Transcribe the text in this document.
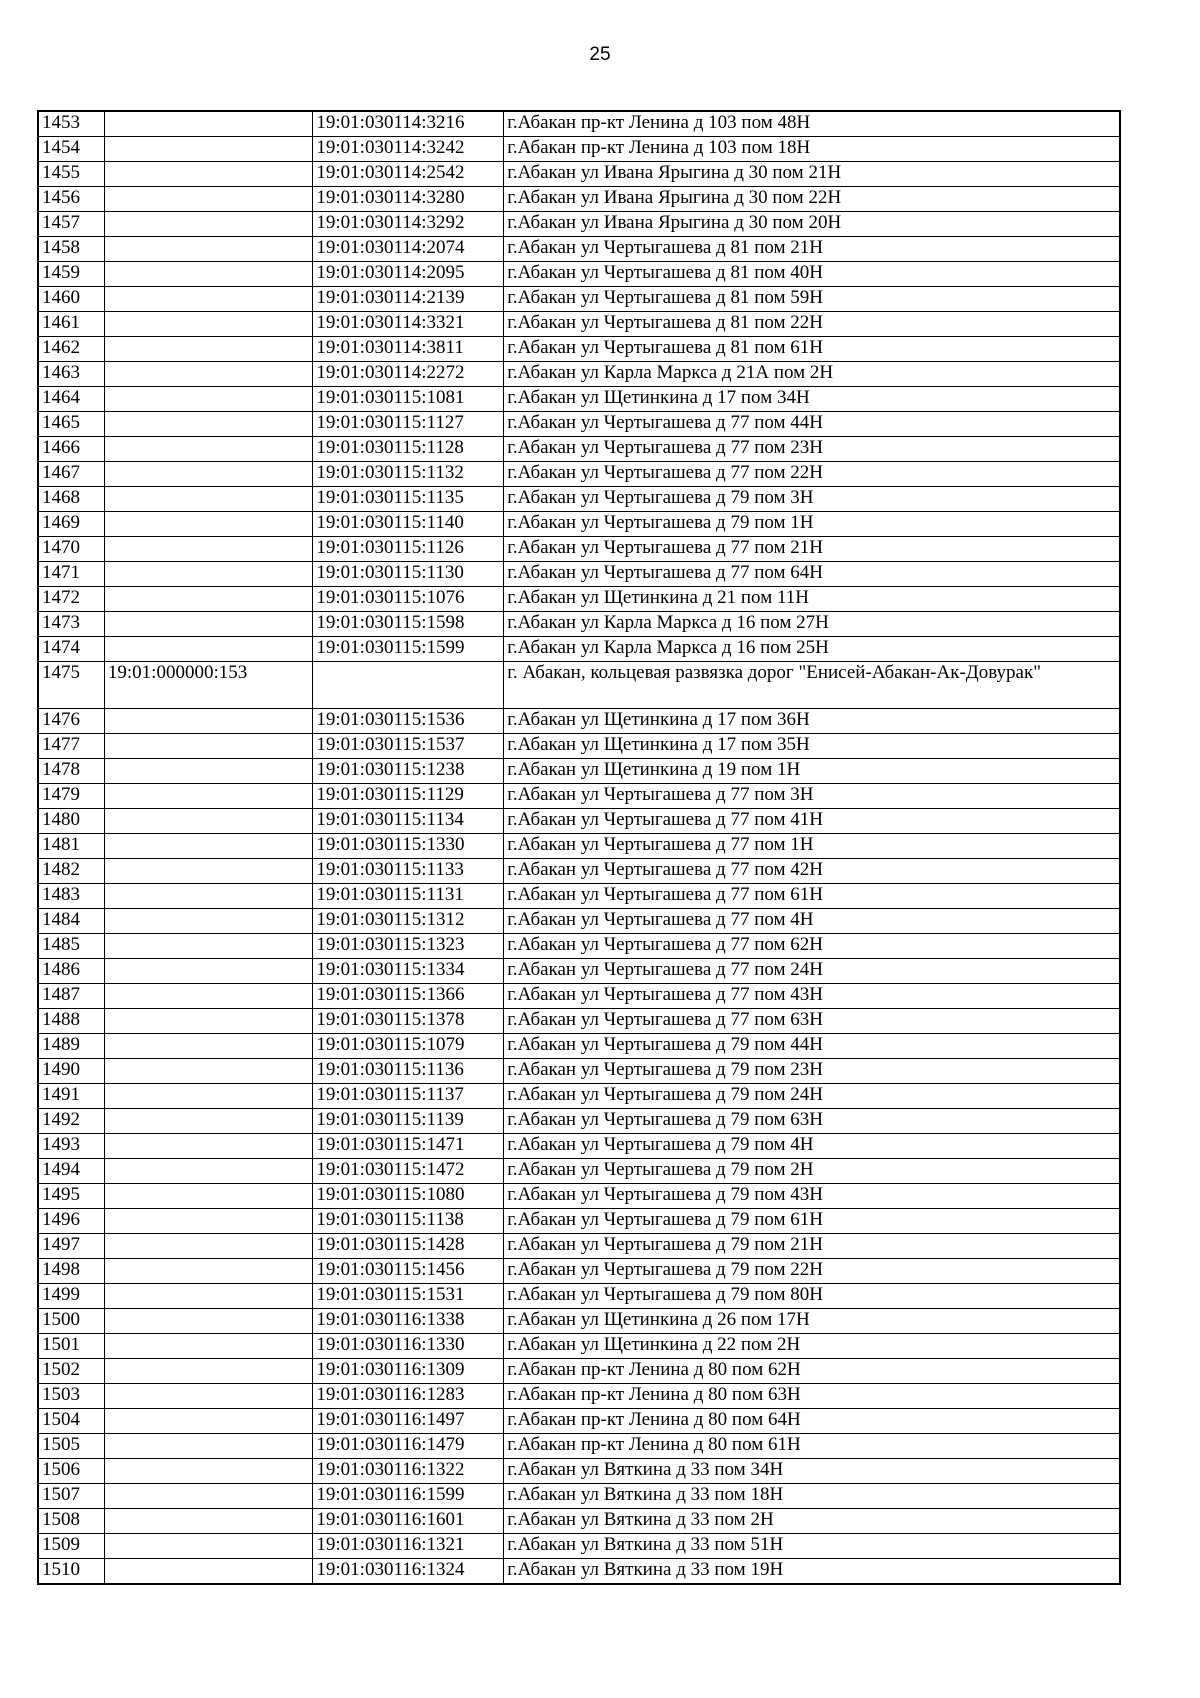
25
1453		19:01:030114:3216	г.Абакан пр-кт Ленина д 103 пом 48Н
1454		19:01:030114:3242	г.Абакан пр-кт Ленина д 103 пом 18Н
1455		19:01:030114:2542	г.Абакан ул Ивана Ярыгина д 30 пом 21Н
1456		19:01:030114:3280	г.Абакан ул Ивана Ярыгина д 30 пом 22Н
1457		19:01:030114:3292	г.Абакан ул Ивана Ярыгина д 30 пом 20Н
1458		19:01:030114:2074	г.Абакан ул Чертыгашева д 81 пом 21Н
1459		19:01:030114:2095	г.Абакан ул Чертыгашева д 81 пом 40Н
1460		19:01:030114:2139	г.Абакан ул Чертыгашева д 81 пом 59Н
1461		19:01:030114:3321	г.Абакан ул Чертыгашева д 81 пом 22Н
1462		19:01:030114:3811	г.Абакан ул Чертыгашева д 81 пом 61Н
1463		19:01:030114:2272	г.Абакан ул Карла Маркса д 21А пом 2Н
1464		19:01:030115:1081	г.Абакан ул Щетинкина д 17 пом 34Н
1465		19:01:030115:1127	г.Абакан ул Чертыгашева д 77 пом 44Н
1466		19:01:030115:1128	г.Абакан ул Чертыгашева д 77 пом 23Н
1467		19:01:030115:1132	г.Абакан ул Чертыгашева д 77 пом 22Н
1468		19:01:030115:1135	г.Абакан ул Чертыгашева д 79 пом 3Н
1469		19:01:030115:1140	г.Абакан ул Чертыгашева д 79 пом 1Н
1470		19:01:030115:1126	г.Абакан ул Чертыгашева д 77 пом 21Н
1471		19:01:030115:1130	г.Абакан ул Чертыгашева д 77 пом 64Н
1472		19:01:030115:1076	г.Абакан ул Щетинкина д 21 пом 11Н
1473		19:01:030115:1598	г.Абакан ул Карла Маркса д 16 пом 27Н
1474		19:01:030115:1599	г.Абакан ул Карла Маркса д 16 пом 25Н
1475	19:01:000000:153		г. Абакан, кольцевая развязка дорог "Енисей-Абакан-Ак-Довурак"
1476		19:01:030115:1536	г.Абакан ул Щетинкина д 17 пом 36Н
1477		19:01:030115:1537	г.Абакан ул Щетинкина д 17 пом 35Н
1478		19:01:030115:1238	г.Абакан ул Щетинкина д 19 пом 1Н
1479		19:01:030115:1129	г.Абакан ул Чертыгашева д 77 пом 3Н
1480		19:01:030115:1134	г.Абакан ул Чертыгашева д 77 пом 41Н
1481		19:01:030115:1330	г.Абакан ул Чертыгашева д 77 пом 1Н
1482		19:01:030115:1133	г.Абакан ул Чертыгашева д 77 пом 42Н
1483		19:01:030115:1131	г.Абакан ул Чертыгашева д 77 пом 61Н
1484		19:01:030115:1312	г.Абакан ул Чертыгашева д 77 пом 4Н
1485		19:01:030115:1323	г.Абакан ул Чертыгашева д 77 пом 62Н
1486		19:01:030115:1334	г.Абакан ул Чертыгашева д 77 пом 24Н
1487		19:01:030115:1366	г.Абакан ул Чертыгашева д 77 пом 43Н
1488		19:01:030115:1378	г.Абакан ул Чертыгашева д 77 пом 63Н
1489		19:01:030115:1079	г.Абакан ул Чертыгашева д 79 пом 44Н
1490		19:01:030115:1136	г.Абакан ул Чертыгашева д 79 пом 23Н
1491		19:01:030115:1137	г.Абакан ул Чертыгашева д 79 пом 24Н
1492		19:01:030115:1139	г.Абакан ул Чертыгашева д 79 пом 63Н
1493		19:01:030115:1471	г.Абакан ул Чертыгашева д 79 пом 4Н
1494		19:01:030115:1472	г.Абакан ул Чертыгашева д 79 пом 2Н
1495		19:01:030115:1080	г.Абакан ул Чертыгашева д 79 пом 43Н
1496		19:01:030115:1138	г.Абакан ул Чертыгашева д 79 пом 61Н
1497		19:01:030115:1428	г.Абакан ул Чертыгашева д 79 пом 21Н
1498		19:01:030115:1456	г.Абакан ул Чертыгашева д 79 пом 22Н
1499		19:01:030115:1531	г.Абакан ул Чертыгашева д 79 пом 80Н
1500		19:01:030116:1338	г.Абакан ул Щетинкина д 26 пом 17Н
1501		19:01:030116:1330	г.Абакан ул Щетинкина д 22 пом 2Н
1502		19:01:030116:1309	г.Абакан пр-кт Ленина д 80 пом 62Н
1503		19:01:030116:1283	г.Абакан пр-кт Ленина д 80 пом 63Н
1504		19:01:030116:1497	г.Абакан пр-кт Ленина д 80 пом 64Н
1505		19:01:030116:1479	г.Абакан пр-кт Ленина д 80 пом 61Н
1506		19:01:030116:1322	г.Абакан ул Вяткина д 33 пом 34Н
1507		19:01:030116:1599	г.Абакан ул Вяткина д 33 пом 18Н
1508		19:01:030116:1601	г.Абакан ул Вяткина д 33 пом 2Н
1509		19:01:030116:1321	г.Абакан ул Вяткина д 33 пом 51Н
1510		19:01:030116:1324	г.Абакан ул Вяткина д 33 пом 19Н
